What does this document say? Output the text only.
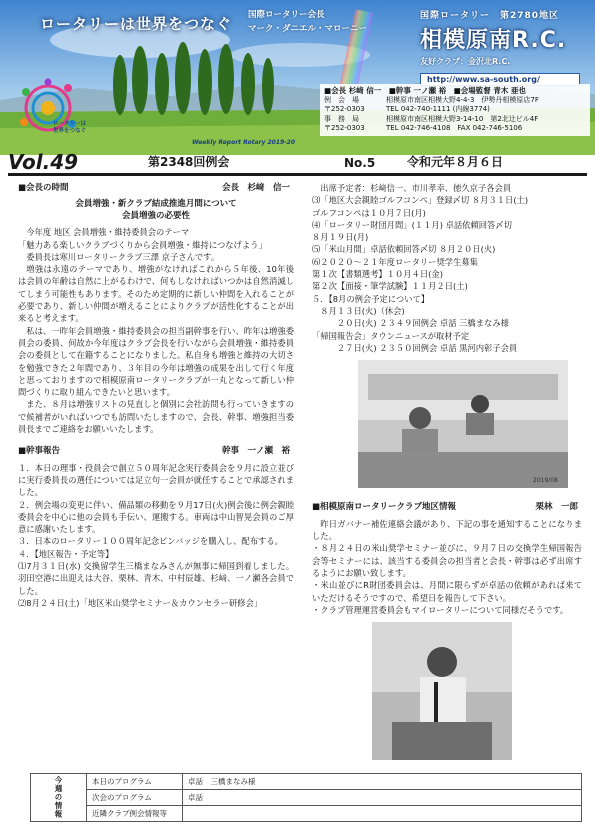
ロータリーは世界をつなぐ 国際ロータリー会長
マーク・ダニエル・マローニー
国際ロータリー　第2780地区
相模原南R.C.
友好クラブ：金沢北R.C.
http://www.sa-south.org/
ロータリーは
世界をつなぐ
Weekly Report Rotary 2019-20
■会長 杉﨑 信一　■幹事 一ノ瀬 裕　■会場監督 青木 亜也
例　会　場	相模原市南区相模大野4-4-3　伊勢丹相模原店7F
〒252-0303	TEL 042-740-1111 (内線3774)
事　務　局	相模原市南区相模大野3-14-10　第2北辻ビル4F
〒252-0303	TEL 042-746-4108　FAX 042-746-5106
Vol.49	第2348回例会	No.5	令和元年８月６日
■会長の時間	会長　杉﨑　信一
会員増強・新クラブ結成推進月間について
会員増強の必要性
今年度 地区 会員増強・維持委員会のテーマ
「魅力ある楽しいクラブづくりから会員増強・維持につなげよう」
委員長は寒川ロータリークラブ三澤 京子さんです。
増強は永遠のテーマであり、増強がなければこれから５年後、10年後は会員の年齢は自然に上がるわけで、何もしなければいつかは自然消滅してしまう可能性もあります。そのため定期的に新しい仲間を入れることが必要であり、新しい仲間が増えることによりクラブが活性化することが出来ると考えます。
私は、一昨年会員増強・維持委員会の担当副幹事を行い、昨年は増強委員会の委員、何故か今年度はクラブ会長を行いながら会員増強・維持委員会の委員として在籍することになりました。私自身も増強と維持の大切さを勉強できた２年間であり、３年目の今年は増強の成果を出して行く年度と思っておりますので相模原南ロータリークラブが一丸となって新しい仲間づくりに取り組んできたいと思います。
また、８月は増強リストの見直しと個別に会社訪問も行っていきますので候補者がいればいつでも訪問いたしますので、会長、幹事、増強担当委員長までご連絡をお願いいたします。
■幹事報告	幹事　一ノ瀬　裕
１．本日の理事・役員会で創立５０周年記念実行委員会を９月に設立並びに実行委員長の選任については足立句一会員が就任することで承認されました。
２．例会場の変更に伴い、備品類の移動を９月17日(火)例会後に例会親睦委員会を中心に他の会員も手伝い、運搬する。車両は中山智晃会員のご厚意に感謝いたします。
３．日本のロータリー１００周年記念ピンバッジを購入し、配布する。
４．【地区報告・予定等】
⑴7月３１日(水) 交換留学生三橋まなみさんが無事に帰国到着しました。羽田空港に出迎えは大谷、栗林、青木、中村辰雄、杉﨑、一ノ瀬各会員でした。
⑵8月２４日(土)「地区米山奨学セミナー＆カウンセラー研修会」
出席予定者：杉﨑信一、市川孝幸、徳久京子各会員
⑶「地区大会親睦ゴルフコンペ」登録〆切 ８月３１日(土)
ゴルフコンペは１０月７日(月)
⑷「ロータリー財団月間」(１１月) 卓話依頼回答〆切
８月１９日(月)
⑸「米山月間」卓話依頼回答〆切 ８月２０日(火)
⑹２０２０～２１年度ロータリー奨学生募集
第１次【書類選考】１０月４日(金)
第２次【面接・筆学試験】１１月２日(土)
５．【8月の例会予定について】
８月１３日(火)（休会)
２０日(火) ２３４９回例会 卓話 三橋まなみ様
「帰国報告会」タウンニュースが取材予定
２７日(火) ２３５０回例会 卓話 黒河内彰子会員
2019/08
■相模原南ロータリークラブ地区情報	栗林　一郎
昨日ガバナー補佐連絡会議があり、下記の事を通知することになりました。
・８月２４日の米山奨学セミナー並びに、９月７日の交換学生帰国報告会等セミナーには、該当する委員会の担当者と会長・幹事は必ず出席するようにお願い致します。
・米山並びにR財団委員会は、月間に限らずが卓話の依頼があれば来ていただけるそうですので、希望日を報告して下さい。
・クラブ管理運営委員会もマイロータリーについて同様だそうです。
今週の情報	本日のプログラム	卓話　三橋まなみ様
	次会のプログラム	卓話
	近隣クラブ例会情報等	
